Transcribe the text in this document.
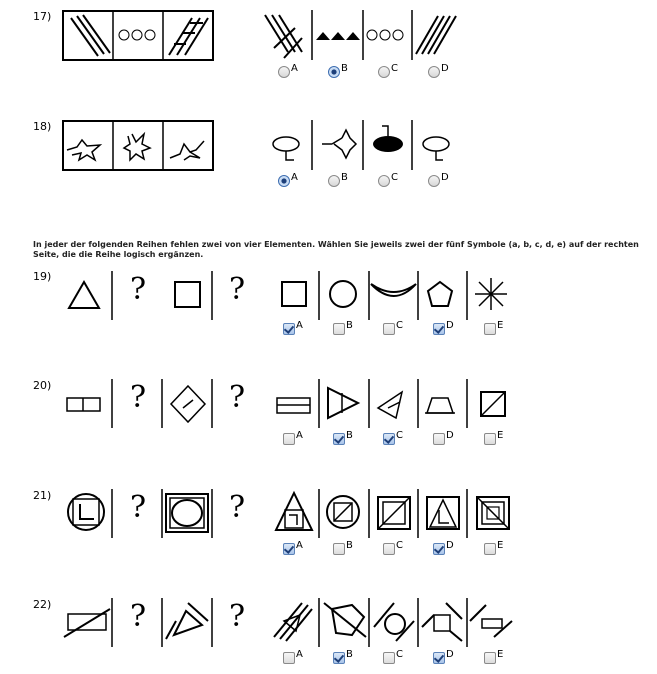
17)
A	B	C	D
18)
A	B	C	D
In jeder der folgenden Reihen fehlen zwei von vier Elementen. Wählen Sie jeweils zwei der fünf Symbole (a, b, c, d, e) auf der rechten Seite, die die Reihe logisch ergänzen.
19)	?	?
A	B	C	D	E
20)	?	?
A	B	C	D	E
21)	?	?
A	B	C	D	E
22)	?	?
A	B	C	D	E
